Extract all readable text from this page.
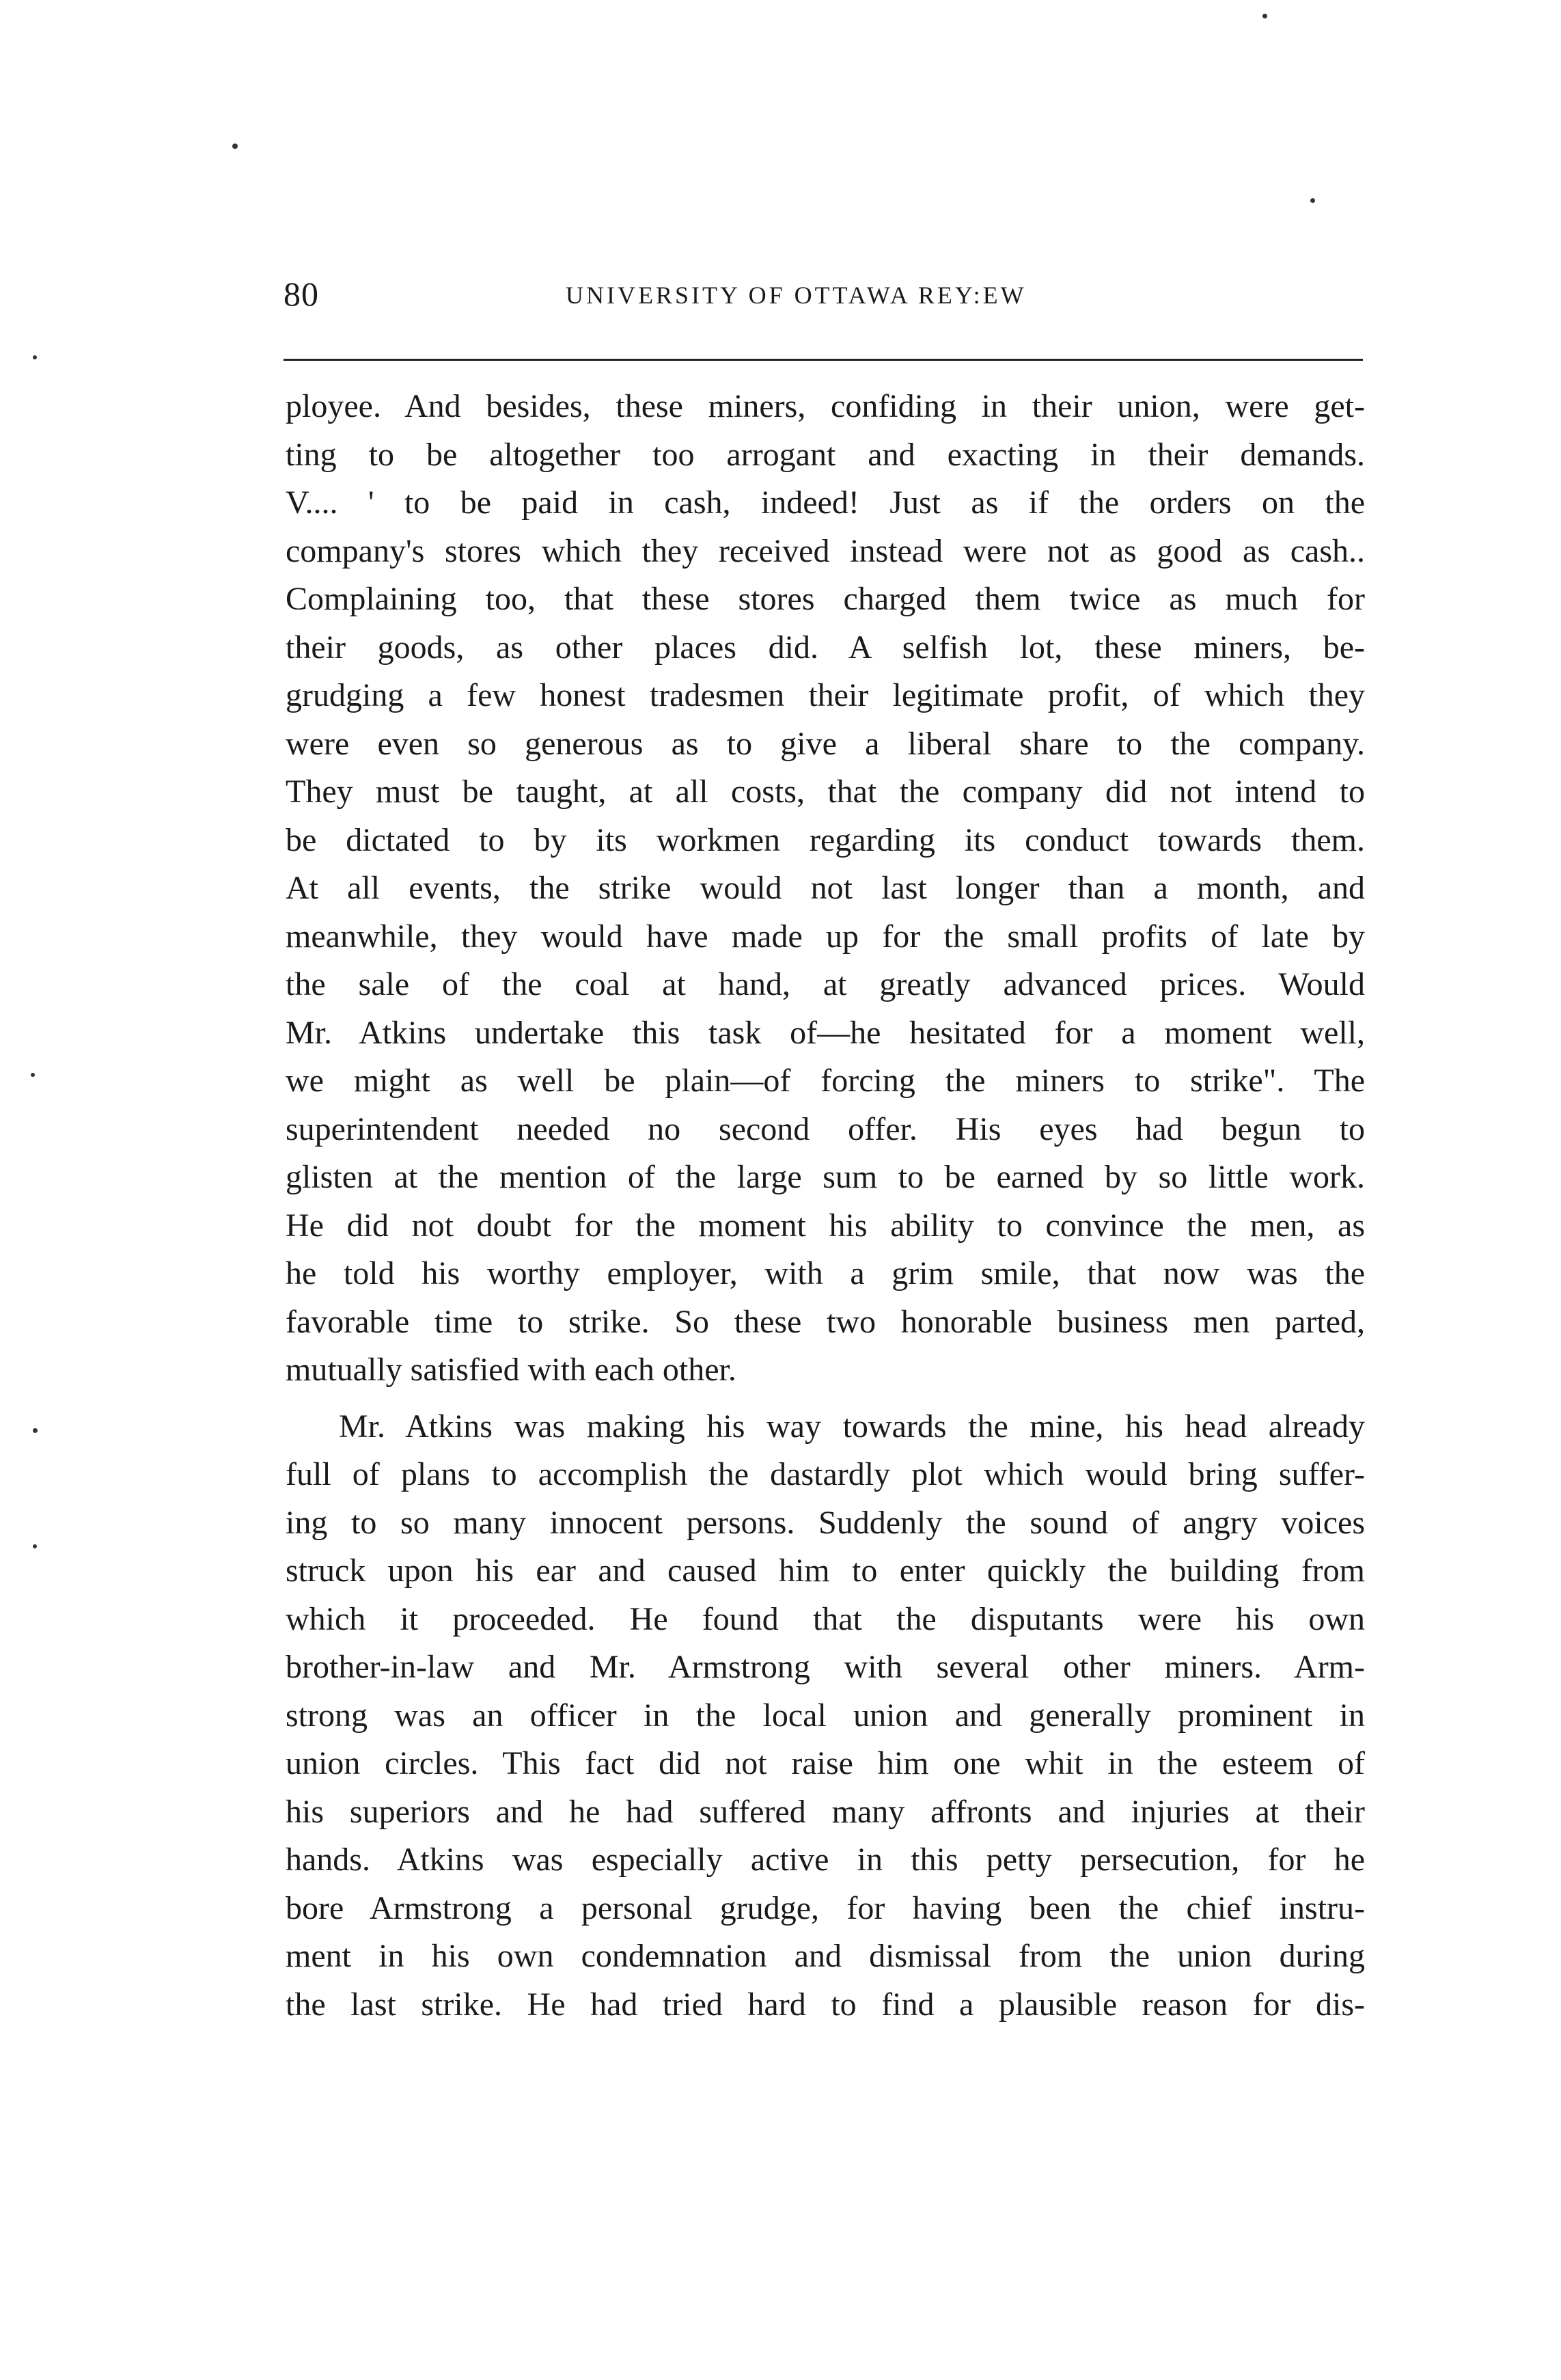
80	UNIVERSITY OF OTTAWA REY:EW
ployee. And besides, these miners, confiding in their union, were get-
ting to be altogether too arrogant and exacting in their demands.
V.... ' to be paid in cash, indeed! Just as if the orders on the
company's stores which they received instead were not as good as cash..
Complaining too, that these stores charged them twice as much for
their goods, as other places did. A selfish lot, these miners, be-
grudging a few honest tradesmen their legitimate profit, of which they
were even so generous as to give a liberal share to the company.
They must be taught, at all costs, that the company did not intend to
be dictated to by its workmen regarding its conduct towards them.
At all events, the strike would not last longer than a month, and
meanwhile, they would have made up for the small profits of late by
the sale of the coal at hand, at greatly advanced prices. Would
Mr. Atkins undertake this task of—he hesitated for a moment well,
we might as well be plain—of forcing the miners to strike". The
superintendent needed no second offer. His eyes had begun to
glisten at the mention of the large sum to be earned by so little work.
He did not doubt for the moment his ability to convince the men, as
he told his worthy employer, with a grim smile, that now was the
favorable time to strike. So these two honorable business men parted,
mutually satisfied with each other.
Mr. Atkins was making his way towards the mine, his head already
full of plans to accomplish the dastardly plot which would bring suffer-
ing to so many innocent persons. Suddenly the sound of angry voices
struck upon his ear and caused him to enter quickly the building from
which it proceeded. He found that the disputants were his own
brother-in-law and Mr. Armstrong with several other miners. Arm-
strong was an officer in the local union and generally prominent in
union circles. This fact did not raise him one whit in the esteem of
his superiors and he had suffered many affronts and injuries at their
hands. Atkins was especially active in this petty persecution, for he
bore Armstrong a personal grudge, for having been the chief instru-
ment in his own condemnation and dismissal from the union during
the last strike. He had tried hard to find a plausible reason for dis-
